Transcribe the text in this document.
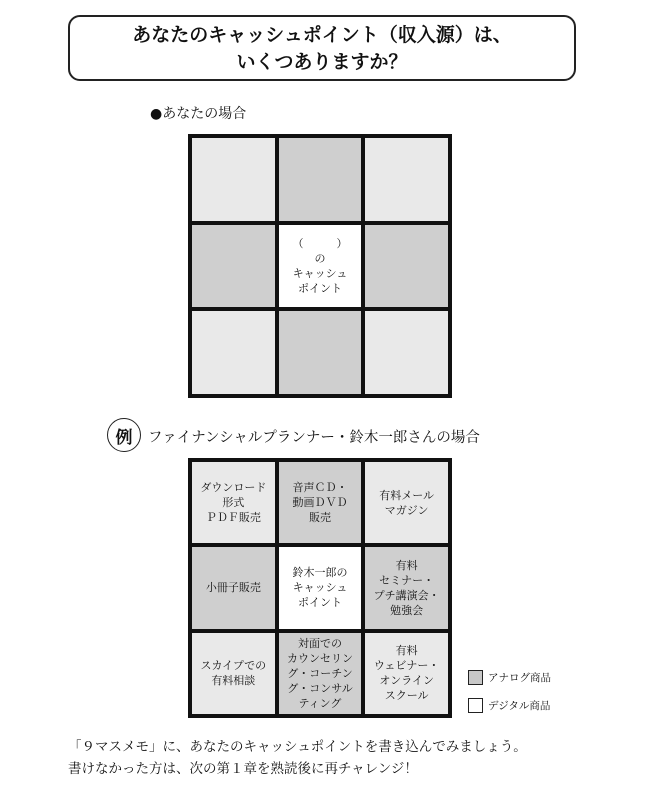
あなたのキャッシュポイント（収入源）は、
いくつありますか？
●あなたの場合
（　　　）
の
キャッシュ
ポイント
例	ファイナンシャルプランナー・鈴木一郎さんの場合
ダウンロード
形式
ＰＤＦ販売
音声ＣＤ・
動画ＤＶＤ
販売
有料メール
マガジン
小冊子販売
鈴木一郎の
キャッシュ
ポイント
有料
セミナー・
プチ講演会・
勉強会
スカイプでの
有料相談
対面での
カウンセリン
グ・コーチン
グ・コンサル
ティング
有料
ウェビナー・
オンライン
スクール
アナログ商品
デジタル商品
「９マスメモ」に、あなたのキャッシュポイントを書き込んでみましょう。
書けなかった方は、次の第１章を熟読後に再チャレンジ！
